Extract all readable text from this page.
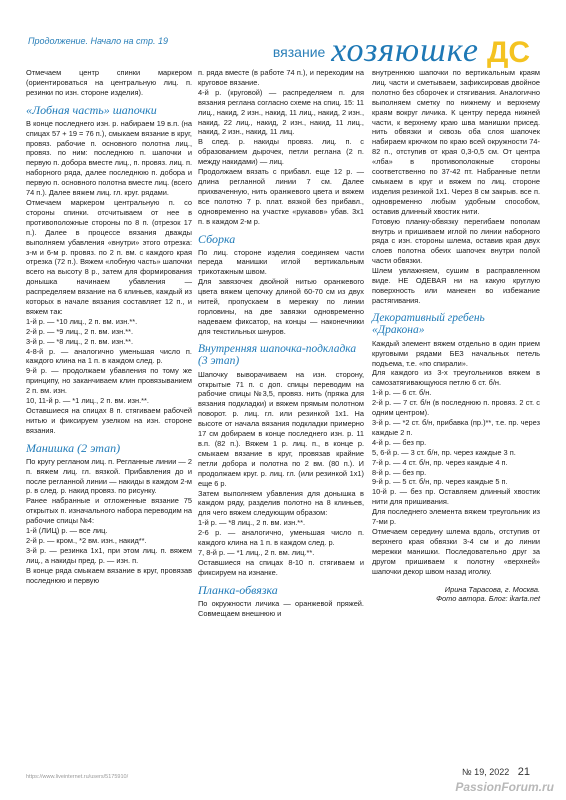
Продолжение. Начало на стр. 19
вязание хозяюшке ДС

Отмечаем центр спинки маркером (ориентироваться на центральную лиц. п. резинки по изн. стороне изделия).

«Лобная часть» шапочки

В конце последнего изн. р. набираем 19 в.п. (на спицах 57 + 19 = 76 п.), смыкаем вязание в круг, провяз. рабочие п. основного полотна лиц., провяз. по ним: последнюю п. шапочки и первую п. добора вместе лиц., п. провяз. лиц. п. наборного ряда, далее последнюю п. добора и первую п. основного полотна вместе лиц. (всего 74 п.). Далее вяжем лиц. гл. круг. рядами.

Отмечаем маркером центральную п. со стороны спинки. отсчитываем от нее в противоположные стороны по 8 п. (отрезок 17 п.). Далее в процессе вязания дважды выполняем убавления «внутри» этого отрезка: з-м и 6-м р. провяз. по 2 п. вм. с каждого края отрезка (72 п.). Вяжем «лобную часть» шапочки всего на высоту 8 р., затем для формирования донышка начинаем убавления — распределяем вязание на 6 клиньев, каждый из которых в начале вязания составляет 12 п., и вяжем так:
1-й р. — *10 лиц., 2 п. вм. изн.**.
2-й р. — *9 лиц., 2 п. вм. изн.**.
3-й р. — *8 лиц., 2 п. вм. изн.**.
4-8-й р. — аналогично уменьшая число п. каждого клина на 1 п. в каждом след. р.
9-й р. — продолжаем убавления по тому же принципу, но заканчиваем клин провязыванием 2 п. вм. изн.
10, 11-й р. — *1 лиц., 2 п. вм. изн.**.
Оставшиеся на спицах 8 п. стягиваем рабочей нитью и фиксируем узелком на изн. стороне вязания.

Манишка (2 этап)

По кругу регланом лиц. п. Регланные линии — 2 п. вяжем лиц. гл. вязкой. Прибавления до и после регланной линии — накиды в каждом 2-м р. в след. р. накид провяз. по рисунку.
Ранее набранные и отложенные вязание 75 открытых п. изначального набора переводим на рабочие спицы №4:
1-й (ЛИЦ) р. — все лиц.
2-й р. — кром., *2 вм. изн., накид**.
3-й р. — резинка 1х1, при этом лиц. п. вяжем лиц., а накиды пред. р. — изн. п.
В конце ряда смыкаем вязание в круг, провязав последнюю и первую

п. ряда вместе (в работе 74 п.), и переходим на круговое вязание.
4-й р. (круговой) — распределяем п. для вязания реглана согласно схеме на спиц. 15: 11 лиц., накид, 2 изн., накид, 11 лиц., накид, 2 изн., накид, 22 лиц., накид, 2 изн., накид, 11 лиц., накид, 2 изн., накид, 11 лиц.
В след. р. накиды провяз. лиц. п. с образованием дырочек, петли реглана (2 п. между накидами) — лиц.
Продолжаем вязать с прибавл. еще 12 р. — длина регланной линии 7 см. Далее прихваченную, нить оранжевого цвета и вяжем все полотно 7 р. плат. вязкой без прибавл., одновременно на участке «рукавов» убав. 3х1 п. в каждом 2-м р.

Сборка

По лиц. стороне изделия соединяем части переда манишки иглой вертикальным трикотажным швом.
Для завязочек двойной нитью оранжевого цвета вяжем цепочку длиной 60-70 см из двух нитей, пропускаем в мережку по линии горловины, на две завязки одновременно надеваем фиксатор, на концы — наконечники для текстильных шнуров.

Внутренняя шапочка-подкладка (3 этап)

Шапочку выворачиваем на изн. сторону, открытые 71 п. с доп. спицы переводим на рабочие спицы №3,5, провяз. нить (пряжа для вязания подкладки) и вяжем прямым полотном поворот. р. лиц. гл. или резинкой 1х1. На высоте от начала вязания подкладки примерно 17 см добираем в конце последнего изн. р. 11 в.п. (82 п.). Вяжем 1 р. лиц. п., в конце р. смыкаем вязание в круг, провязав крайние петли добора и полотна по 2 вм. (80 п.). И продолжаем круг. р. лиц. гл. (или резинкой 1х1) еще 6 р.
Затем выполняем убавления для донышка в каждом ряду, разделив полотно на 8 клиньев, для чего вяжем следующим образом:
1-й р. — *8 лиц., 2 п. вм. изн.**.
2-6 р. — аналогично, уменьшая число п. каждого клина на 1 п. в каждом след. р.
7, 8-й р. — *1 лиц., 2 п. вм. лиц.**.
Оставшиеся на спицах 8-10 п. стягиваем и фиксируем на изнанке.

Планка-обвязка

По окружности личика — оранжевой пряжей. Совмещаем внешнюю и

внутреннюю шапочки по вертикальным краям лиц. части и сметываем, зафиксировав двойное полотно без сборочек и стягивания. Аналогично выполняем сметку по нижнему и верхнему краям вокруг личика. К центру переда нижней части, к верхнему краю шва манишки присед. нить обвязки и сквозь оба слоя шапочек набираем крючком по краю всей окружности 74-82 п., отступив от края 0,3-0,5 см. От центра «лба» в противоположные стороны соответственно по 37-42 пт. Набранные петли смыкаем в круг и вяжем по лиц. стороне изделия резинкой 1х1. Через 8 см закрыв. все п. одновременно любым удобным способом, оставив длинный хвостик нити.

Готовую планку-обвязку перегибаем пополам внутрь и пришиваем иглой по линии наборного ряда с изн. стороны шлема, оставив края двух слоев полотна обеих шапочек внутри полой части обвязки.
Шлем увлажняем, сушим в расправленном виде. НЕ ОДЕВАЯ ни на какую круглую поверхность или манекен во избежание растягивания.

Декоративный гребень «Дракона»

Каждый элемент вяжем отдельно в один прием круговыми рядами БЕЗ начальных петель подъема, т.е. «по спирали».
Для каждого из 3-х треугольников вяжем в самозатягивающуюся петлю 6 ст. б/н.
1-й р. — 6 ст. б/н.
2-й р. — 7 ст. б/н (в последнюю п. провяз. 2 ст. с одним центром).
3-й р. — *2 ст. б/н, прибавка (пр.)**, т.е. пр. через каждые 2 п.
4-й р. — без пр.
5, 6-й р. — 3 ст. б/н, пр. через каждые 3 п.
7-й р. — 4 ст. б/н, пр. через каждые 4 п.
8-й р. — без пр.
9-й р. — 5 ст. б/н, пр. через каждые 5 п.
10-й р. — без пр. Оставляем длинный хвостик нити для пришивания.
Для последнего элемента вяжем треугольник из 7-ми р.
Отмечаем середину шлема вдоль, отступив от верхнего края обвязки 3-4 см и до линии мережки манишки. Последовательно друг за другом пришиваем к полотну «верхней» шапочки декор швом назад иголку.

Ирина Тарасова, г. Москва.
Фото автора. Блог: ikarta.net

https://www.liveinternet.ru/users/5175910/	№ 19, 2022 21
PassionForum.ru
